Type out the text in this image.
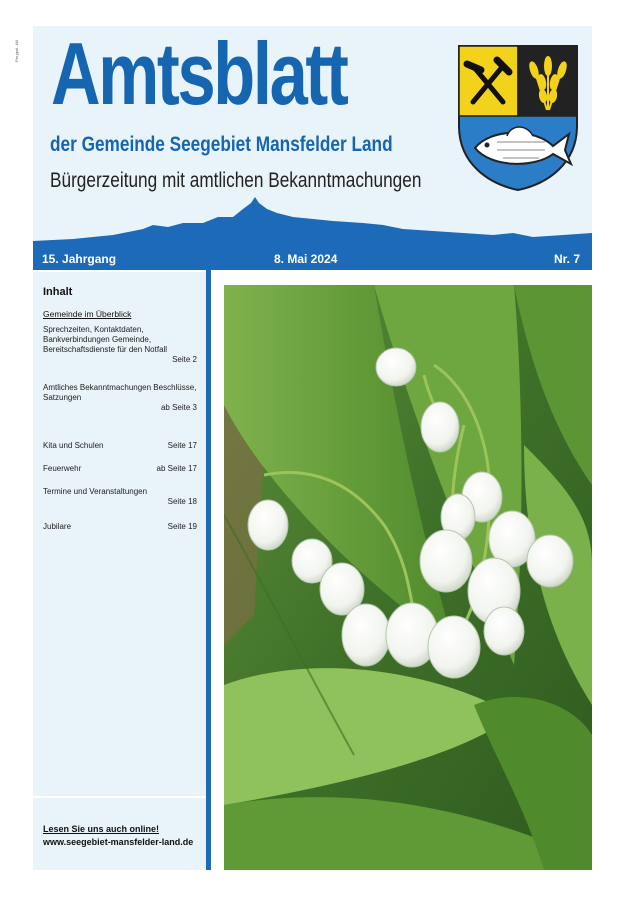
Prv.ypol. 4f4 Amtsblatt
der Gemeinde Seegebiet Mansfelder Land
Bürgerzeitung mit amtlichen Bekanntmachungen
15. Jahrgang	8. Mai 2024	Nr. 7
Inhalt
Gemeinde im Überblick
Sprechzeiten, Kontaktdaten, Bankverbindungen Gemeinde, Bereitschaftsdienste für den Notfall
Seite 2
Amtliches Bekanntmachungen Beschlüsse, Satzungen
ab Seite 3
Kita und Schulen	Seite 17
Feuerwehr	ab Seite 17
Termine und Veranstaltungen
Seite 18
Jubilare	Seite 19
Lesen Sie uns auch online!
www.seegebiet-mansfelder-land.de
